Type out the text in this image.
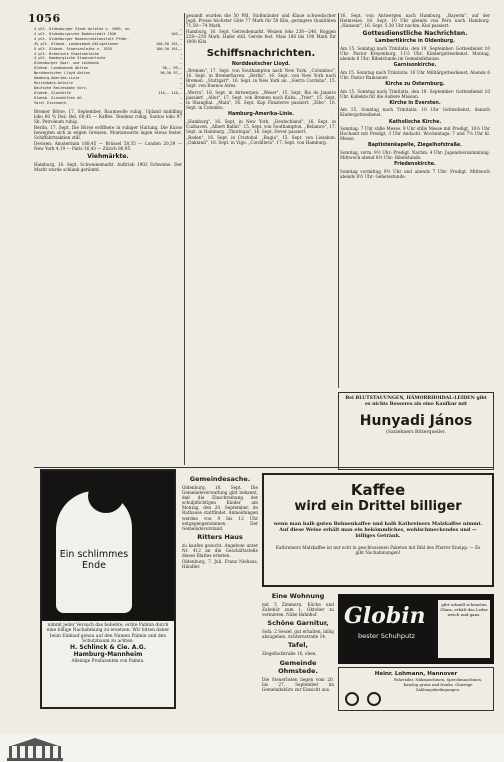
1056
4 pCt. Öldenburger Stadt-Anleihe v. 1909, un-	—
4 pCt. Oldenburgische Bodencredit 1926	103,—
4 pCt. Oldenburger Bodencreditanstalt Pfdbr.	—
4½ pCt. Oldenb. Landesbank-Obligationen	100,50 101,—
5 pCt. Oldenb. Staatsanleihe v. 1925	100,50 101,—
4 pCt. Bremische Staatsanleihe	—
4 pCt. Hamburgische Staatsanleihe	—
Oldenburger Spar- und Leihbank	—
Oldenb. Landesbank Aktien	98,— 99,—
Norddeutscher Lloyd Aktien	96,50 97,—
Hamburg-Amerika-Linie	—
Reichsbank-Anteile	—
Deutsche Reichsbahn Vorz.	—
Oldenb. Glashütte	116,— 118,—
Oldenb. Eisenhütten AG	—
Varel Eisenwerk	—

Bremer Börse, 17. September. Baumwolle ruhig. Upland middling loko 60 ¾ Dez. Bel. 60,45 — Kaffee. Tendenz ruhig. Santos loko 97 Sh. Petroleum ruhig.

Berlin, 17. Sept. Die Börse eröffnete in ruhiger Haltung. Die Kurse bewegten sich in engen Grenzen. Montanwerte lagen etwas fester, Schiffahrtsaktien still.

Devisen: Amsterdam 168,45 — Brüssel 58,35 — London 20,39 — New York 4,19 — Paris 16,43 — Zürich 80,95.

Viehmärkte.

Hamburg, 16. Sept. Schweinemarkt. Auftrieb 1902 Schweine. Der Markt wurde schlank geräumt.

gesandt wurden die 50 Pfd. Stoßmünder und Klaue schwedischer Jagd. Preise höchster Güte 77 Mark für 50 Kilo, geringere Qualitäten 71,50—74 Mark.

Hamburg, 16. Sept. Getreidemarkt. Weizen loko 238—240, Roggen 228—230 Mark. Hafer still, Gerste fest. Mais 188 bis 190 Mark für 1000 Kilo.

Schiffsnachrichten.
Norddeutscher Lloyd.

„Bremen", 17. Sept. von Southampton nach New York. „Columbus", 16. Sept. in Bremerhaven. „Berlin", 16. Sept. von New York nach Bremen. „Stuttgart", 16. Sept. in New York an. „Sierra Cordoba", 15. Sept. von Buenos Aires.

„Werra", 16. Sept. in Antwerpen. „Weser", 15. Sept. Rio de Janeiro passiert. „Aller", 17. Sept. von Bremen nach Kuba. „Trier", 15. Sept. in Shanghai. „Main", 16. Sept. Kap Finisterre passiert. „Elbe", 16. Sept. in Colombo.

Hamburg-Amerika-Linie.

„Hamburg", 16. Sept. in New York. „Deutschland", 16. Sept. in Cuxhaven. „Albert Ballin", 15. Sept. von Southampton. „Reliance", 17. Sept. in Hamburg. „Thuringia", 16. Sept. Dover passiert.

„Baden", 16. Sept. in Cristobal. „Rugia", 15. Sept. von Lissabon. „Oakland", 16. Sept. in Vigo. „Cordillera", 17. Sept. von Hamburg.

16. Sept. von Antwerpen nach Hamburg. „Bayerm", auf der Heimreise, 16. Sept. 10 Uhr abends von Peru nach Hamburg. „Hanseat", 16. Sept. 5.30 Uhr nachm. Kiel passiert.

Gottesdienstliche Nachrichten.
Lambertikirche in Oldenburg.

Am 15. Sonntag nach Trinitatis, den 19. September: Gottesdienst 10 Uhr: Pastor Kreyenborg. 11½ Uhr: Kindergottesdienst. Montag, abends 8 Uhr: Bibelstunde im Gemeindehause.

Garnisonkirche.

Am 15. Sonntag nach Trinitatis: 10 Uhr Militärgottesdienst. Abends 6 Uhr: Pastor Ramsauer.

Kirche zu Osternburg.

Am 15. Sonntag nach Trinitatis, den 19. September: Gottesdienst 10 Uhr. Kollekte für die Äußere Mission.

Kirche in Eversten.

Am 15. Sonntag nach Trinitatis: 10 Uhr Gottesdienst, danach Kindergottesdienst.

Katholische Kirche.

Sonntag: 7 Uhr stille Messe, 9 Uhr stille Messe mit Predigt, 10½ Uhr Hochamt mit Predigt, 3 Uhr Andacht. Wochentags: 7 und 7½ Uhr hl. Messe.

Baptistenkapelle, Ziegelhofstraße.

Sonntag, vorm. 9½ Uhr: Predigt. Nachm. 4 Uhr: Jugendversammlung. Mittwoch abend 8½ Uhr: Bibelstunde.

Friedenskirche.

Sonntag vormittag 9½ Uhr und abends 7 Uhr: Predigt. Mittwoch abends 8½ Uhr: Gebetsstunde.

Bei BLUTSTAUUNGEN, HÄMORRHOIDAL-LEIDEN gibt es nichts Besseres als eine Kaufkur mit
Hunyadi János
(Saxlehners Bitterquelle).
Ein schlimmes Ende
nimmt jeder Versuch das beliebte, echte Palmin durch eine billige Nachahmung zu ersetzen. Wir bitten daher beim Einkauf genau auf den Namen Palmin und den Schutzbaum zu achten.
H. Schlinck & Cie. A.G.
Hamburg-Mannheim
Alleinige Produzenten von Palmin.
Gemeindesache.

Oldenburg, 16. Sept. Die Gemeindeverwaltung gibt bekannt, daß die Einschreibung der schulpflichtigen Kinder am Montag, den 20. September, im Rathause stattfindet. Anmeldungen werden von 9 bis 12 Uhr entgegengenommen. Der Gemeindevorstand.

Ritters Haus

zu kaufen gesucht. Angebote unter Nr. 412 an die Geschäftsstelle dieses Blattes erbeten.

Oldenburg, 7. Juli. Franz Niehaus, Händler.

Kaffee
wird ein Drittel billiger
wenn man halb guten Bohnenkaffee und halb Kathreiners Malzkaffee nimmt. Auf diese Weise erhält man ein bekömmliches, wohlschmeckendes und — billiges Getränk.
Kathreiners Malzkaffee ist nur echt in geschlossenen Paketen mit Bild des Pfarrer Kneipp. — Es gibt Nachahmungen!
Eine Wohnung

mit 5 Zimmern, Küche und Zubehör zum 1. Oktober zu vermieten. Nähe Bahnhof.

Schöne Garnitur,

Sofa, 2 Sessel, gut erhalten, billig abzugeben. Achternstraße 14.

Tafel,

Ziegelhofstraße 16, oben.

Gemeinde Ohmstede.

Die Steuerlisten liegen vom 20. bis 27. September im Gemeindebüro zur Einsicht aus.

Globin
bester Schuhputz
gibt schnell schönsten Glanz, erhält das Leder weich und ganz.
Heinr. Lohmann, Hannover
Fahrräder, Nähmaschinen, Sprechmaschinen. Katalog gratis und franko. Günstige Zahlungsbedingungen.
